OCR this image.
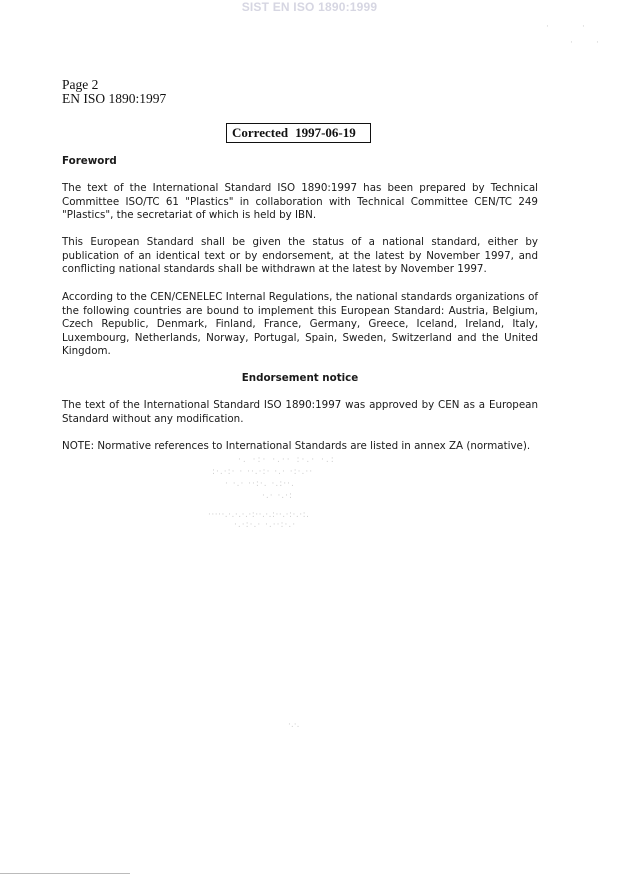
SIST EN ISO 1890:1999
Page 2
EN ISO 1890:1997
Corrected 1997-06-19
Foreword
The text of the International Standard ISO 1890:1997 has been prepared by Technical Committee ISO/TC 61 "Plastics" in collaboration with Technical Committee CEN/TC 249 "Plastics", the secretariat of which is held by IBN.
This European Standard shall be given the status of a national standard, either by publication of an identical text or by endorsement, at the latest by November 1997, and conflicting national standards shall be withdrawn at the latest by November 1997.
According to the CEN/CENELEC Internal Regulations, the national standards organizations of the following countries are bound to implement this European Standard: Austria, Belgium, Czech Republic, Denmark, Finland, France, Germany, Greece, Iceland, Ireland, Italy, Luxembourg, Netherlands, Norway, Portugal, Spain, Sweden, Switzerland and the United Kingdom.
Endorsement notice
The text of the International Standard ISO 1890:1997 was approved by CEN as a European Standard without any modification.
NOTE: Normative references to International Standards are listed in annex ZA (normative).
·. ·:· ·.·· :·.· ·.:
:·.·:· · ··.·:· ·.· ·:·.··
· ·.· ··:·. ·.:··.
·.· ·.·:
·····.·.·.·.·:··.·.:··.·:·.·:.
·.·:·.· ·.··:·.·
·	·
·	·
·.·.
